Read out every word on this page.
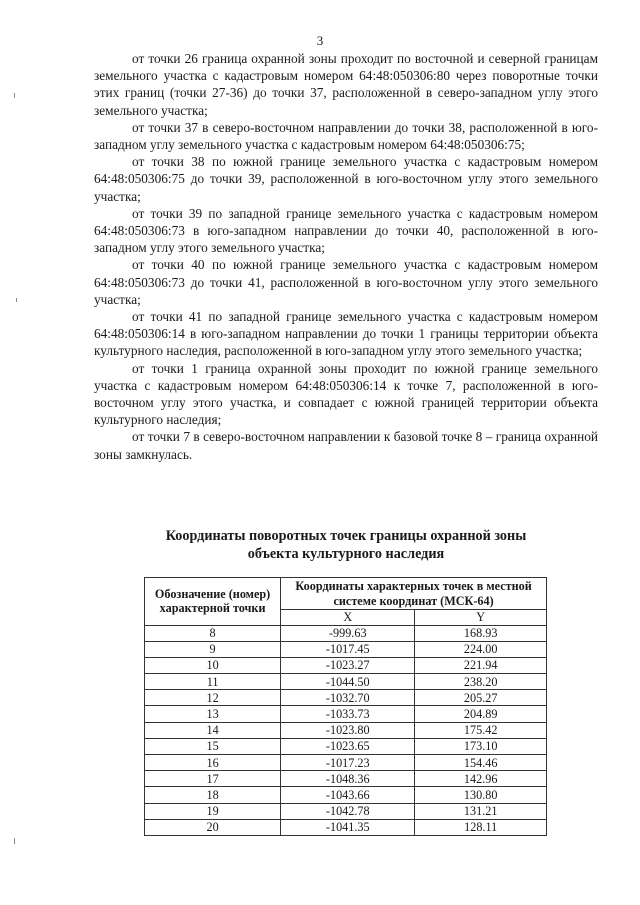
3

от точки 26 граница охранной зоны проходит по восточной и северной границам земельного участка с кадастровым номером 64:48:050306:80 через поворотные точки этих границ (точки 27-36) до точки 37, расположенной в северо-западном углу этого земельного участка;

от точки 37 в северо-восточном направлении до точки 38, расположенной в юго-западном углу земельного участка с кадастровым номером 64:48:050306:75;

от точки 38 по южной границе земельного участка с кадастровым номером 64:48:050306:75 до точки 39, расположенной в юго-восточном углу этого земельного участка;

от точки 39 по западной границе земельного участка с кадастровым номером 64:48:050306:73 в юго-западном направлении до точки 40, расположенной в юго-западном углу этого земельного участка;

от точки 40 по южной границе земельного участка с кадастровым номером 64:48:050306:73 до точки 41, расположенной в юго-восточном углу этого земельного участка;

от точки 41 по западной границе земельного участка с кадастровым номером 64:48:050306:14 в юго-западном направлении до точки 1 границы территории объекта культурного наследия, расположенной в юго-западном углу этого земельного участка;

от точки 1 граница охранной зоны проходит по южной границе земельного участка с кадастровым номером 64:48:050306:14 к точке 7, расположенной в юго-восточном углу этого участка, и совпадает с южной границей территории объекта культурного наследия;

от точки 7 в северо-восточном направлении к базовой точке 8 – граница охранной зоны замкнулась.

Координаты поворотных точек границы охранной зоны
объекта культурного наследия
Обозначение (номер) характерной точки	Координаты характерных точек в местной системе координат (МСК-64)	
	X	Y
8	-999.63	168.93
9	-1017.45	224.00
10	-1023.27	221.94
11	-1044.50	238.20
12	-1032.70	205.27
13	-1033.73	204.89
14	-1023.80	175.42
15	-1023.65	173.10
16	-1017.23	154.46
17	-1048.36	142.96
18	-1043.66	130.80
19	-1042.78	131.21
20	-1041.35	128.11
